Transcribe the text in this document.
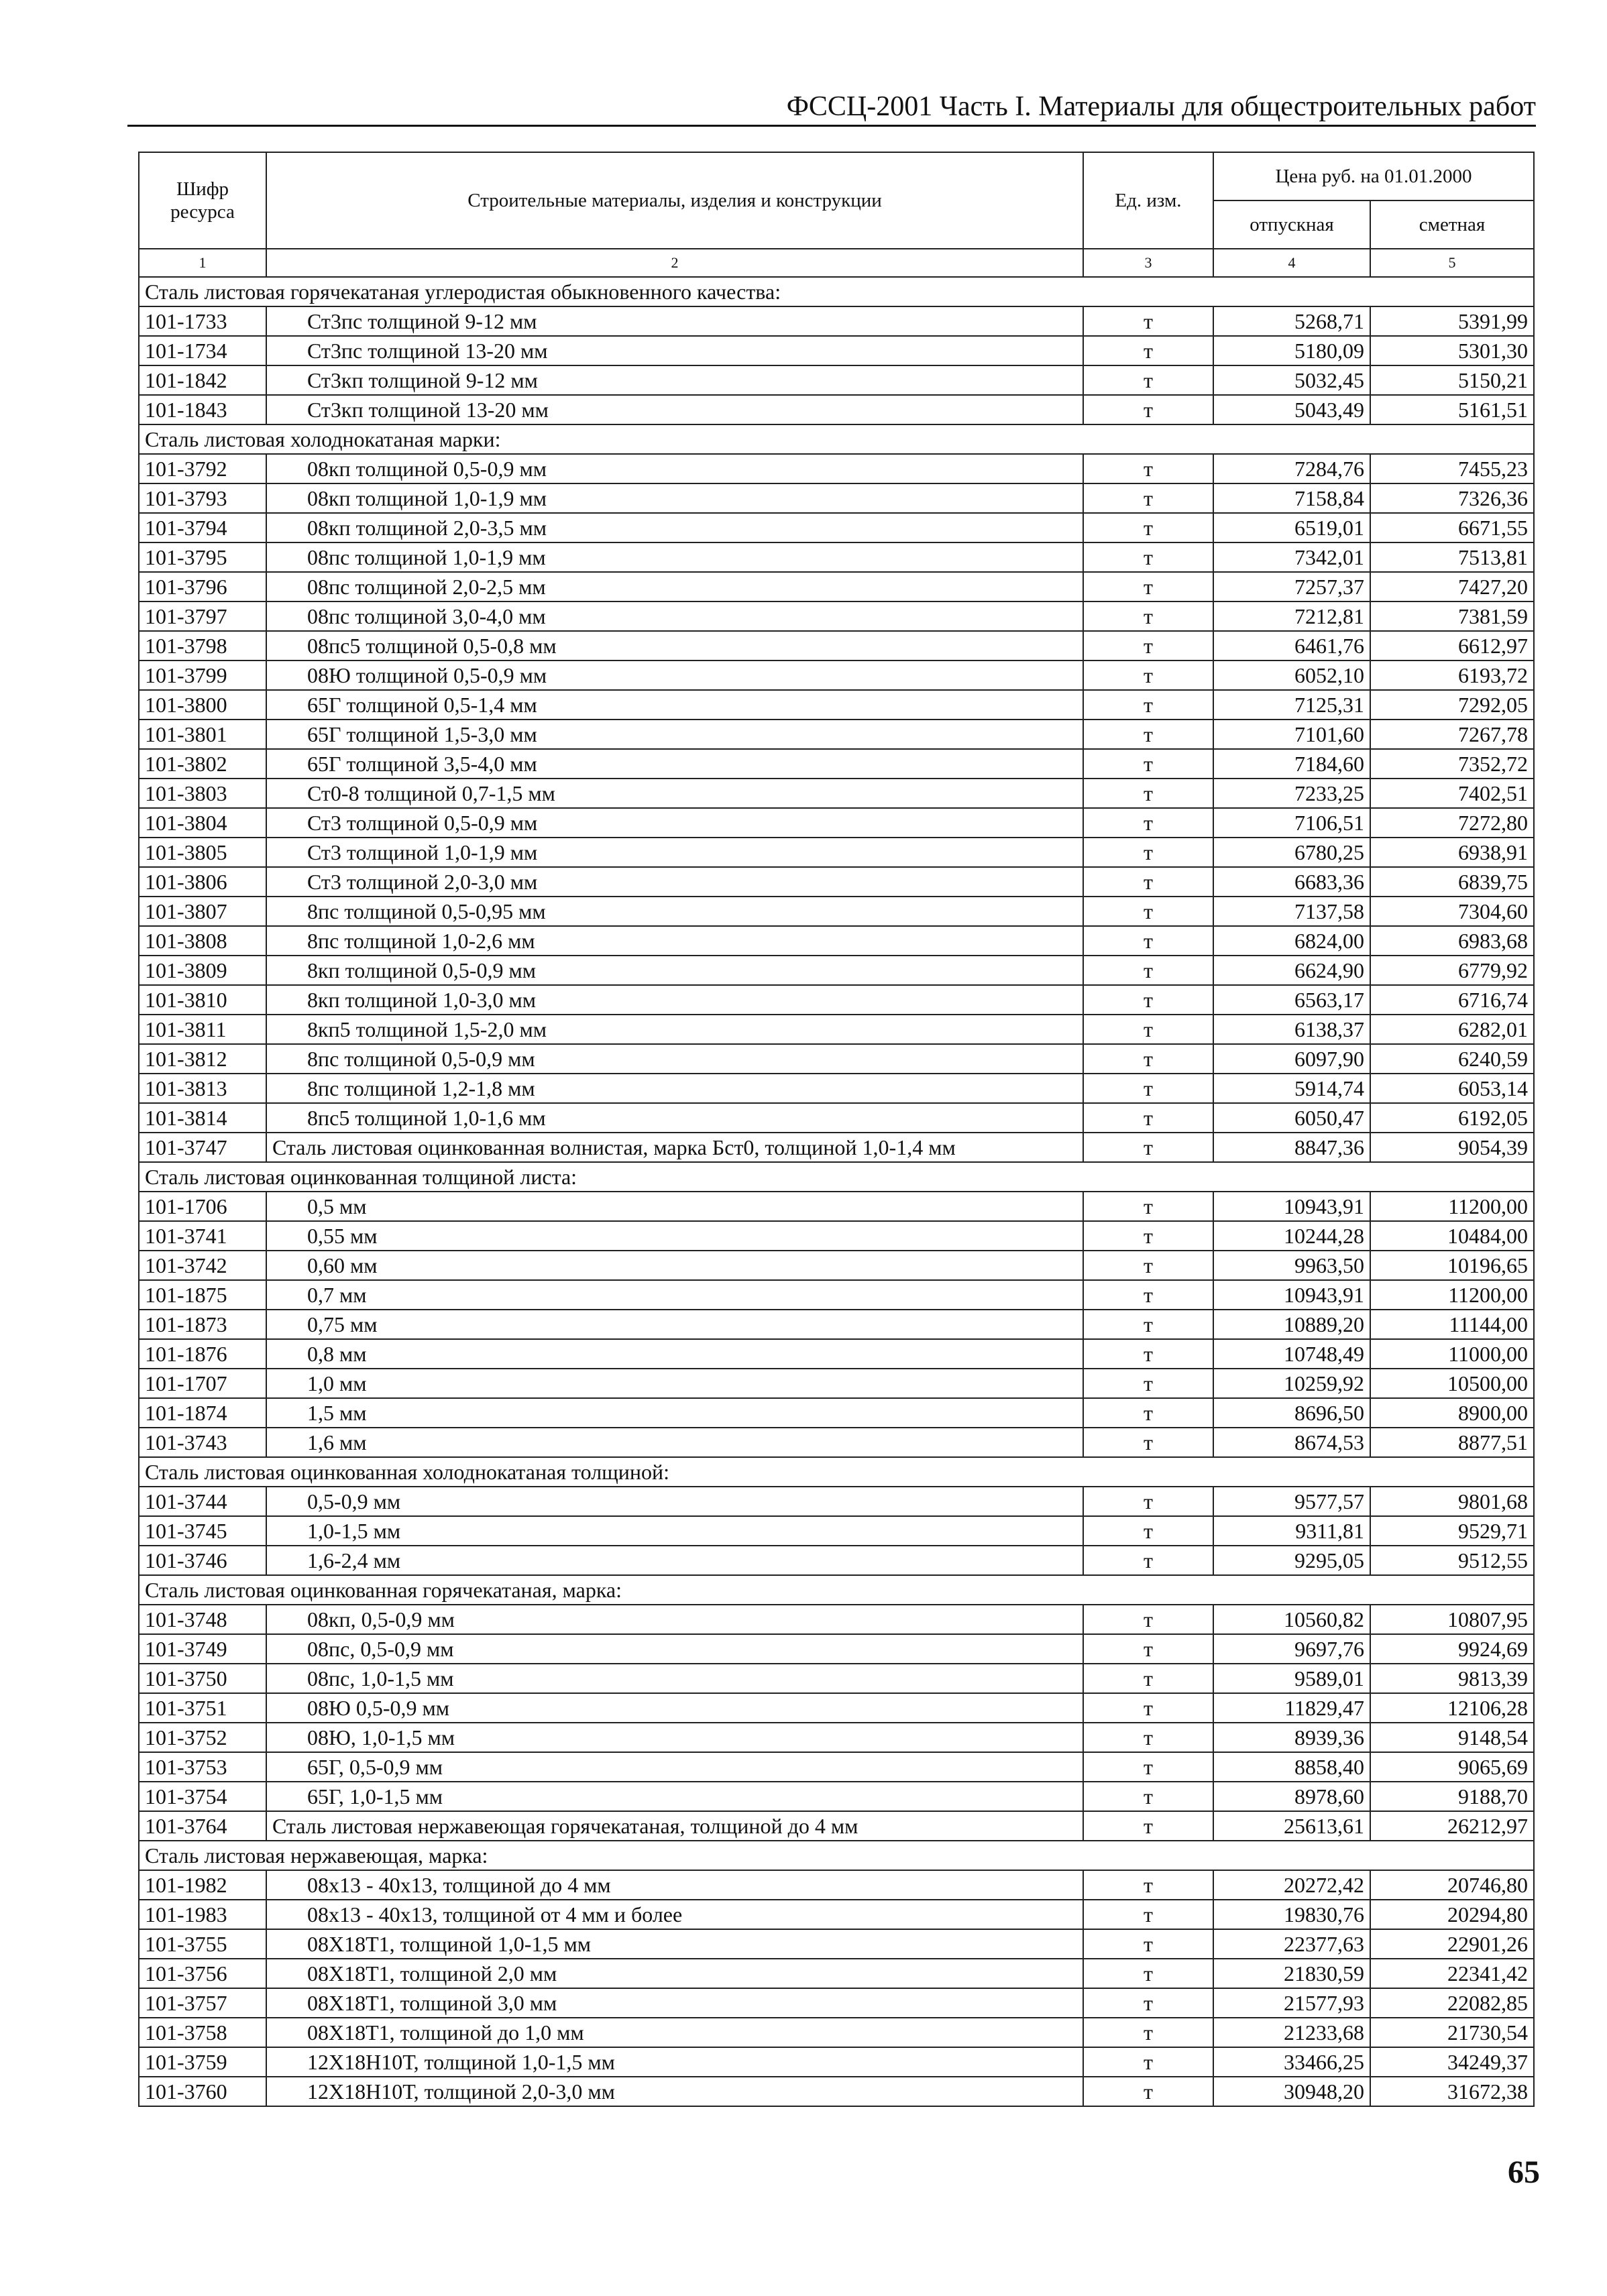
ФССЦ-2001 Часть I. Материалы для общестроительных работ
Шифр ресурса	Строительные материалы, изделия и конструкции	Ед. изм.	Цена руб. на 01.01.2000	
			отпускная	сметная
1	2	3	4	5
Сталь листовая горячекатаная углеродистая обыкновенного качества:				
101-1733	Ст3пс толщиной 9-12 мм	т	5268,71	5391,99
101-1734	Ст3пс толщиной 13-20 мм	т	5180,09	5301,30
101-1842	Ст3кп толщиной 9-12 мм	т	5032,45	5150,21
101-1843	Ст3кп толщиной 13-20 мм	т	5043,49	5161,51
Сталь листовая холоднокатаная марки:				
101-3792	08кп толщиной 0,5-0,9 мм	т	7284,76	7455,23
101-3793	08кп толщиной 1,0-1,9 мм	т	7158,84	7326,36
101-3794	08кп толщиной 2,0-3,5 мм	т	6519,01	6671,55
101-3795	08пс толщиной 1,0-1,9 мм	т	7342,01	7513,81
101-3796	08пс толщиной 2,0-2,5 мм	т	7257,37	7427,20
101-3797	08пс толщиной 3,0-4,0 мм	т	7212,81	7381,59
101-3798	08пс5 толщиной 0,5-0,8 мм	т	6461,76	6612,97
101-3799	08Ю толщиной 0,5-0,9 мм	т	6052,10	6193,72
101-3800	65Г толщиной 0,5-1,4 мм	т	7125,31	7292,05
101-3801	65Г толщиной 1,5-3,0 мм	т	7101,60	7267,78
101-3802	65Г толщиной 3,5-4,0 мм	т	7184,60	7352,72
101-3803	Ст0-8 толщиной 0,7-1,5 мм	т	7233,25	7402,51
101-3804	Ст3 толщиной 0,5-0,9 мм	т	7106,51	7272,80
101-3805	Ст3 толщиной 1,0-1,9 мм	т	6780,25	6938,91
101-3806	Ст3 толщиной 2,0-3,0 мм	т	6683,36	6839,75
101-3807	8пс толщиной 0,5-0,95 мм	т	7137,58	7304,60
101-3808	8пс толщиной 1,0-2,6 мм	т	6824,00	6983,68
101-3809	8кп толщиной 0,5-0,9 мм	т	6624,90	6779,92
101-3810	8кп толщиной 1,0-3,0 мм	т	6563,17	6716,74
101-3811	8кп5 толщиной 1,5-2,0 мм	т	6138,37	6282,01
101-3812	8пс толщиной 0,5-0,9 мм	т	6097,90	6240,59
101-3813	8пс толщиной 1,2-1,8 мм	т	5914,74	6053,14
101-3814	8пс5 толщиной 1,0-1,6 мм	т	6050,47	6192,05
101-3747	Сталь листовая оцинкованная волнистая, марка Бст0, толщиной 1,0-1,4 мм	т	8847,36	9054,39
Сталь листовая оцинкованная толщиной листа:				
101-1706	0,5 мм	т	10943,91	11200,00
101-3741	0,55 мм	т	10244,28	10484,00
101-3742	0,60 мм	т	9963,50	10196,65
101-1875	0,7 мм	т	10943,91	11200,00
101-1873	0,75 мм	т	10889,20	11144,00
101-1876	0,8 мм	т	10748,49	11000,00
101-1707	1,0 мм	т	10259,92	10500,00
101-1874	1,5 мм	т	8696,50	8900,00
101-3743	1,6 мм	т	8674,53	8877,51
Сталь листовая оцинкованная холоднокатаная толщиной:				
101-3744	0,5-0,9 мм	т	9577,57	9801,68
101-3745	1,0-1,5 мм	т	9311,81	9529,71
101-3746	1,6-2,4 мм	т	9295,05	9512,55
Сталь листовая оцинкованная горячекатаная, марка:				
101-3748	08кп, 0,5-0,9 мм	т	10560,82	10807,95
101-3749	08пс, 0,5-0,9 мм	т	9697,76	9924,69
101-3750	08пс, 1,0-1,5 мм	т	9589,01	9813,39
101-3751	08Ю 0,5-0,9 мм	т	11829,47	12106,28
101-3752	08Ю, 1,0-1,5 мм	т	8939,36	9148,54
101-3753	65Г, 0,5-0,9 мм	т	8858,40	9065,69
101-3754	65Г, 1,0-1,5 мм	т	8978,60	9188,70
101-3764	Сталь листовая нержавеющая горячекатаная, толщиной до 4 мм	т	25613,61	26212,97
Сталь листовая нержавеющая, марка:				
101-1982	08х13 - 40х13, толщиной до 4 мм	т	20272,42	20746,80
101-1983	08х13 - 40х13, толщиной от 4 мм и более	т	19830,76	20294,80
101-3755	08Х18Т1, толщиной 1,0-1,5 мм	т	22377,63	22901,26
101-3756	08Х18Т1, толщиной 2,0 мм	т	21830,59	22341,42
101-3757	08Х18Т1, толщиной 3,0 мм	т	21577,93	22082,85
101-3758	08Х18Т1, толщиной до 1,0 мм	т	21233,68	21730,54
101-3759	12Х18Н10Т, толщиной 1,0-1,5 мм	т	33466,25	34249,37
101-3760	12Х18Н10Т, толщиной 2,0-3,0 мм	т	30948,20	31672,38
65
